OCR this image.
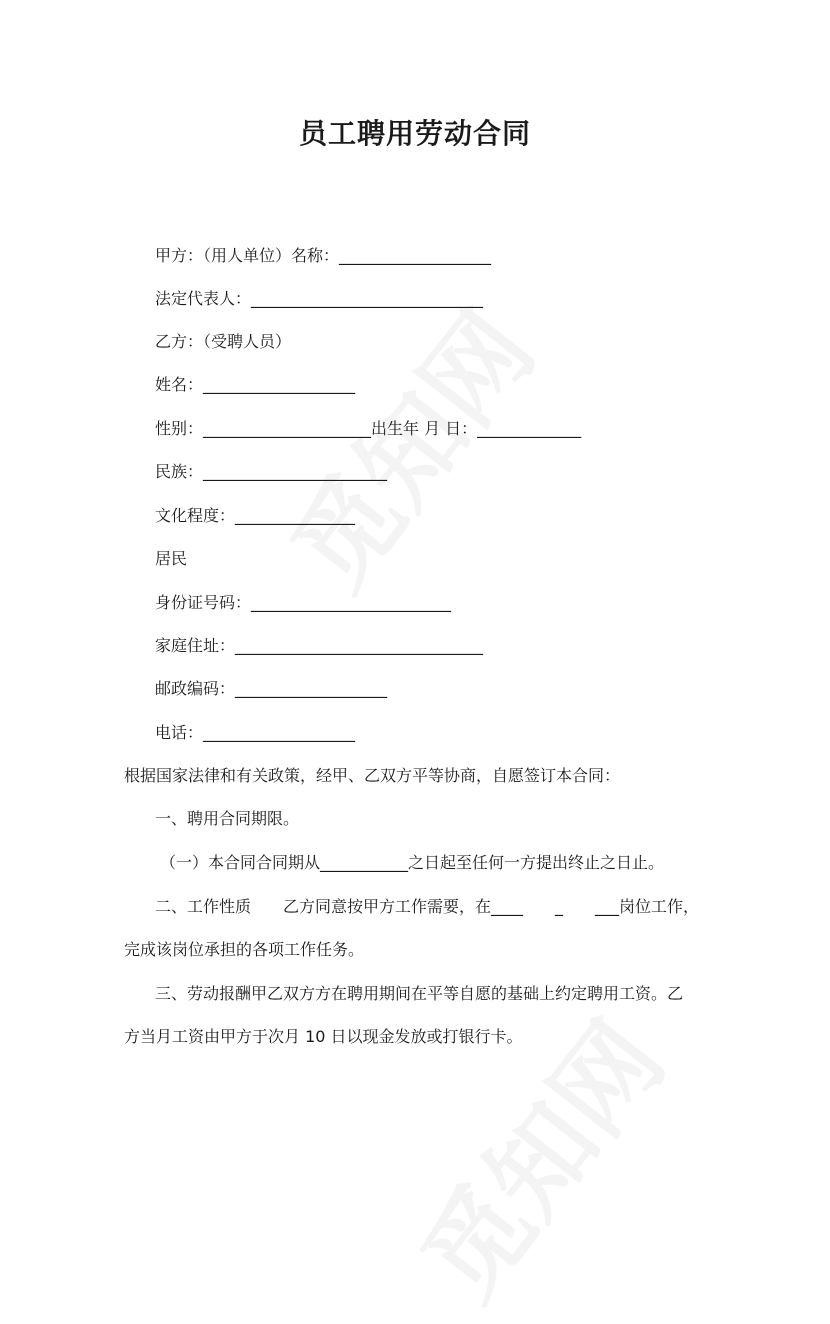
员工聘用劳动合同
甲方：（用人单位）名称：___________________
法定代表人：_____________________________
乙方：（受聘人员）
姓名：___________________
性别：_____________________出生年 月 日：_____________
民族：_______________________
文化程度：_______________
居民
身份证号码：_________________________
家庭住址：_______________________________
邮政编码：___________________
电话：___________________
根据国家法律和有关政策，经甲、乙双方平等协商，自愿签订本合同：
一、聘用合同期限。
（一）本合同合同期从___________之日起至任何一方提出终止之日止。
二、工作性质　　乙方同意按甲方工作需要，在____　　_　　___岗位工作，
完成该岗位承担的各项工作任务。
三、劳动报酬甲乙双方方在聘用期间在平等自愿的基础上约定聘用工资。乙
方当月工资由甲方于次月 10 日以现金发放或打银行卡。
